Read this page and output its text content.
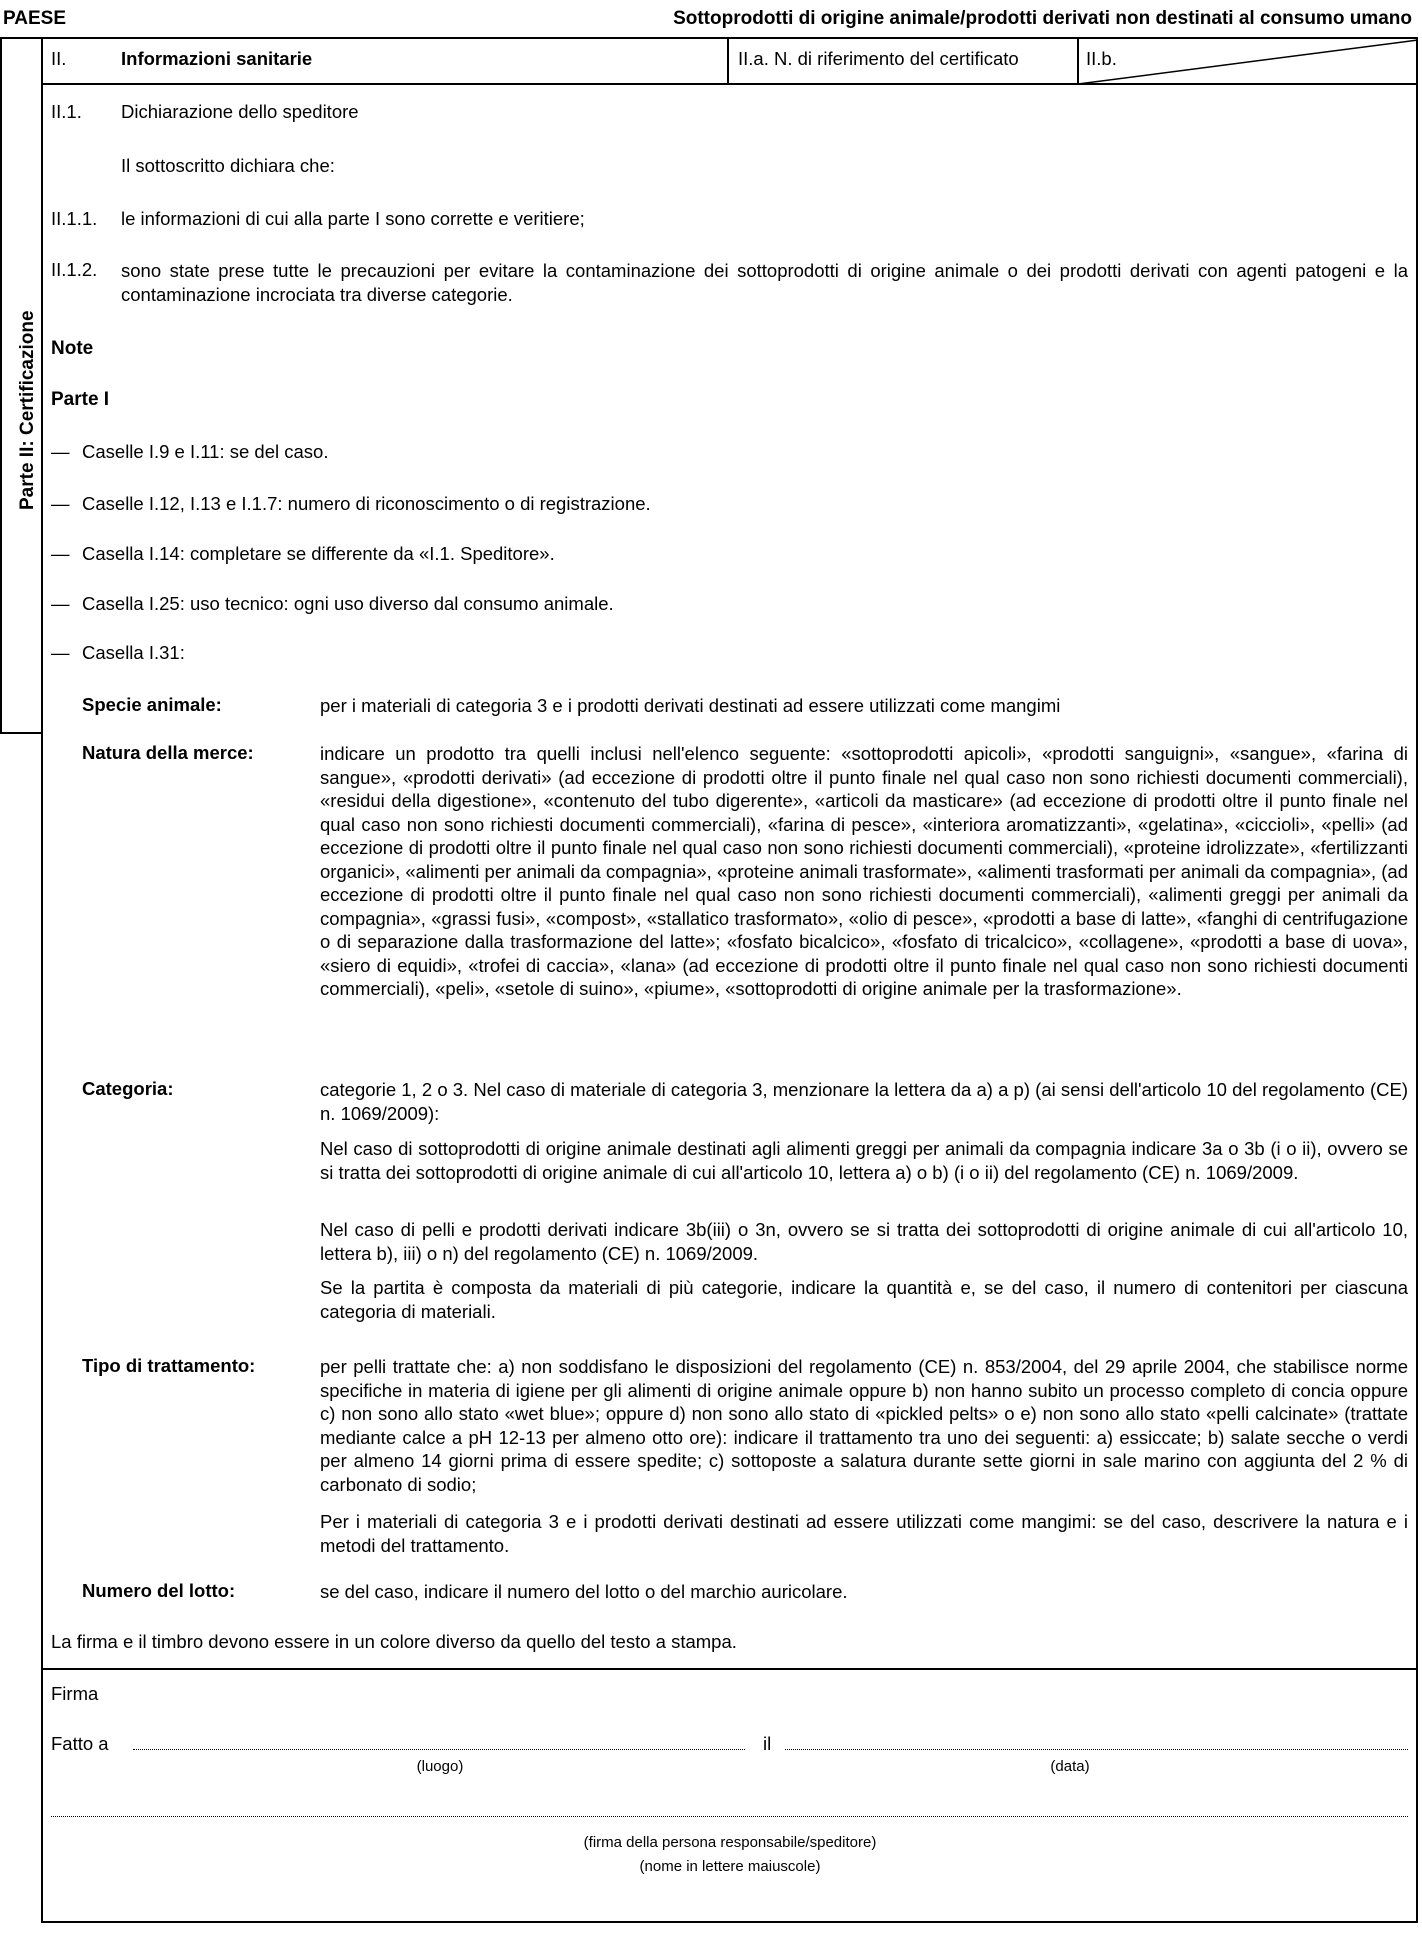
PAESE	Sottoprodotti di origine animale/prodotti derivati non destinati al consumo umano
Parte II: Certificazione
II.	Informazioni sanitarie	II.a. N. di riferimento del certificato	II.b.
II.1. Dichiarazione dello speditore
Il sottoscritto dichiara che:
II.1.1. le informazioni di cui alla parte I sono corrette e veritiere;
II.1.2. sono state prese tutte le precauzioni per evitare la contaminazione dei sottoprodotti di origine animale o dei prodotti derivati con agenti patogeni e la contaminazione incrociata tra diverse categorie.
Note
Parte I
— Caselle I.9 e I.11: se del caso.
— Caselle I.12, I.13 e I.1.7: numero di riconoscimento o di registrazione.
— Casella I.14: completare se differente da «I.1. Speditore».
— Casella I.25: uso tecnico: ogni uso diverso dal consumo animale.
— Casella I.31:
Specie animale:	per i materiali di categoria 3 e i prodotti derivati destinati ad essere utilizzati come mangimi
Natura della merce:	indicare un prodotto tra quelli inclusi nell'elenco seguente: «sottoprodotti apicoli», «prodotti sanguigni», «sangue», «farina di sangue», «prodotti derivati» (ad eccezione di prodotti oltre il punto finale nel qual caso non sono richiesti documenti commerciali), «residui della digestione», «contenuto del tubo digerente», «articoli da masticare» (ad eccezione di prodotti oltre il punto finale nel qual caso non sono richiesti documenti commerciali), «farina di pesce», «interiora aromatizzanti», «gelatina», «ciccioli», «pelli» (ad eccezione di prodotti oltre il punto finale nel qual caso non sono richiesti documenti commerciali), «proteine idrolizzate», «fertilizzanti organici», «alimenti per animali da compagnia», «proteine animali trasformate», «alimenti trasformati per animali da compagnia», (ad eccezione di prodotti oltre il punto finale nel qual caso non sono richiesti documenti commerciali), «alimenti greggi per animali da compagnia», «grassi fusi», «compost», «stallatico trasformato», «olio di pesce», «prodotti a base di latte», «fanghi di centrifugazione o di separazione dalla trasformazione del latte»; «fosfato bicalcico», «fosfato di tricalcico», «collagene», «prodotti a base di uova», «siero di equidi», «trofei di caccia», «lana» (ad eccezione di prodotti oltre il punto finale nel qual caso non sono richiesti documenti commerciali), «peli», «setole di suino», «piume», «sottoprodotti di origine animale per la trasformazione».
Categoria:	categorie 1, 2 o 3. Nel caso di materiale di categoria 3, menzionare la lettera da a) a p) (ai sensi dell'articolo 10 del regolamento (CE) n. 1069/2009):
Nel caso di sottoprodotti di origine animale destinati agli alimenti greggi per animali da compagnia indicare 3a o 3b (i o ii), ovvero se si tratta dei sottoprodotti di origine animale di cui all'articolo 10, lettera a) o b) (i o ii) del regolamento (CE) n. 1069/2009.
Nel caso di pelli e prodotti derivati indicare 3b(iii) o 3n, ovvero se si tratta dei sottoprodotti di origine animale di cui all'articolo 10, lettera b), iii) o n) del regolamento (CE) n. 1069/2009.
Se la partita è composta da materiali di più categorie, indicare la quantità e, se del caso, il numero di contenitori per ciascuna categoria di materiali.
Tipo di trattamento:	per pelli trattate che: a) non soddisfano le disposizioni del regolamento (CE) n. 853/2004, del 29 aprile 2004, che stabilisce norme specifiche in materia di igiene per gli alimenti di origine animale oppure b) non hanno subito un processo completo di concia oppure c) non sono allo stato «wet blue»; oppure d) non sono allo stato di «pickled pelts» o e) non sono allo stato «pelli calcinate» (trattate mediante calce a pH 12-13 per almeno otto ore): indicare il trattamento tra uno dei seguenti: a) essiccate; b) salate secche o verdi per almeno 14 giorni prima di essere spedite; c) sottoposte a salatura durante sette giorni in sale marino con aggiunta del 2 % di carbonato di sodio;
Per i materiali di categoria 3 e i prodotti derivati destinati ad essere utilizzati come mangimi: se del caso, descrivere la natura e i metodi del trattamento.
Numero del lotto:	se del caso, indicare il numero del lotto o del marchio auricolare.
La firma e il timbro devono essere in un colore diverso da quello del testo a stampa.
Firma
Fatto a	il
(luogo)	(data)
(firma della persona responsabile/speditore)
(nome in lettere maiuscole)
